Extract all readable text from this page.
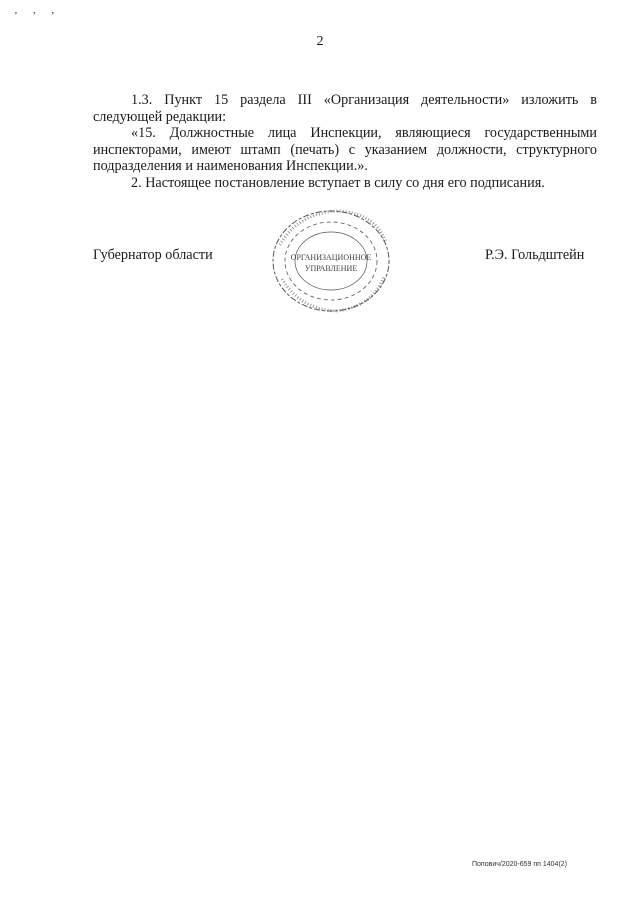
ʼ ʼ ʼ
2

1.3. Пункт 15 раздела III «Организация деятельности» изложить в следующей редакции:

«15. Должностные лица Инспекции, являющиеся государственными инспекторами, имеют штамп (печать) с указанием должности, структурного подразделения и наименования Инспекции.».

2. Настоящее постановление вступает в силу со дня его подписания.

Губернатор области	ОРГАНИЗАЦИОННОЕ
УПРАВЛЕНИЕ
Р.Э. Гольдштейн
Попович/2020-659 пп 1404(2)
